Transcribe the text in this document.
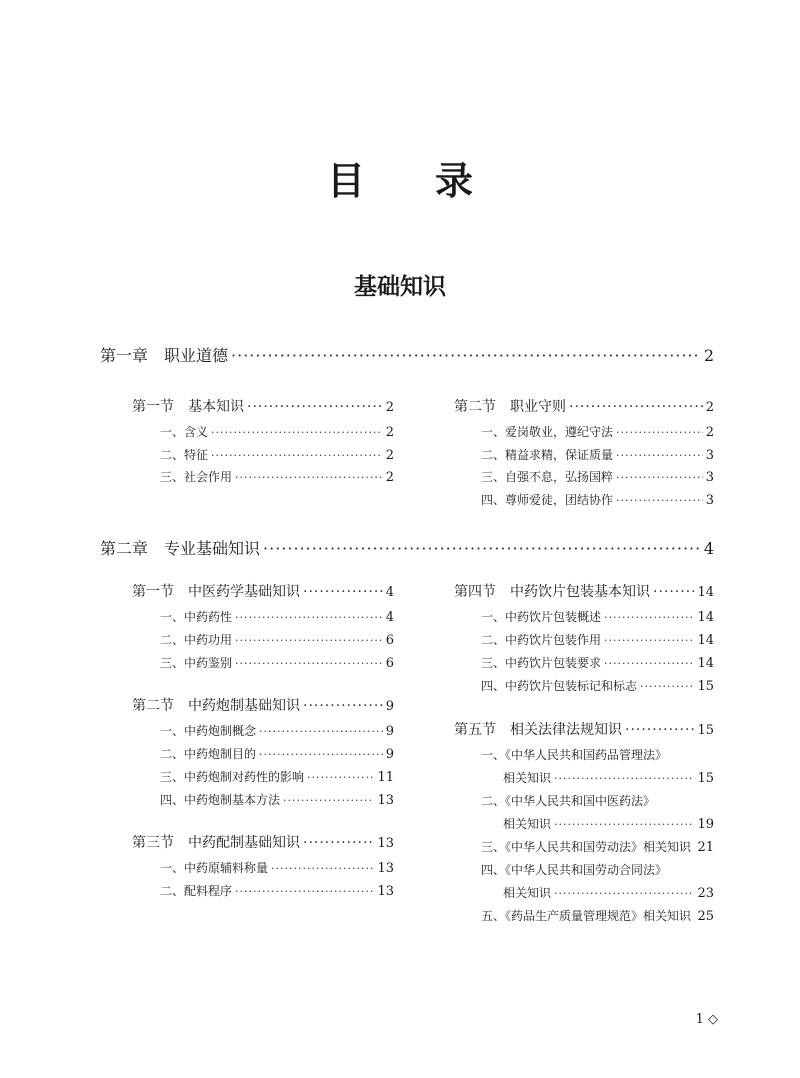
目 录
基础知识
第一章　职业道德 ·····	2
第一节　基本知识 ·····	2
一、含义 ·····	2
二、特征 ·····	2
三、社会作用 ·····	2
第二节　职业守则 ·····	2
一、爱岗敬业，遵纪守法 ·····	2
二、精益求精，保证质量 ·····	3
三、自强不息，弘扬国粹 ·····	3
四、尊师爱徒，团结协作 ·····	3
第二章　专业基础知识 ·····	4
第一节　中医药学基础知识 ·····	4
一、中药药性 ·····	4
二、中药功用 ·····	6
三、中药鉴别 ·····	6
第二节　中药炮制基础知识 ·····	9
一、中药炮制概念 ·····	9
二、中药炮制目的 ·····	9
三、中药炮制对药性的影响 ·····	11
四、中药炮制基本方法 ·····	13
第三节　中药配制基础知识 ·····	13
一、中药原辅料称量 ·····	13
二、配料程序 ·····	13
第四节　中药饮片包装基本知识 ·····	14
一、中药饮片包装概述 ·····	14
二、中药饮片包装作用 ·····	14
三、中药饮片包装要求 ·····	14
四、中药饮片包装标记和标志 ·····	15
第五节　相关法律法规知识 ·····	15
一、《中华人民共和国药品管理法》
相关知识 ·····	15
二、《中华人民共和国中医药法》
相关知识 ·····	19
三、《中华人民共和国劳动法》相关知识 ····· 21
四、《中华人民共和国劳动合同法》
相关知识 ·····	23
五、《药品生产质量管理规范》相关知识 ····· 25
1 ◇
